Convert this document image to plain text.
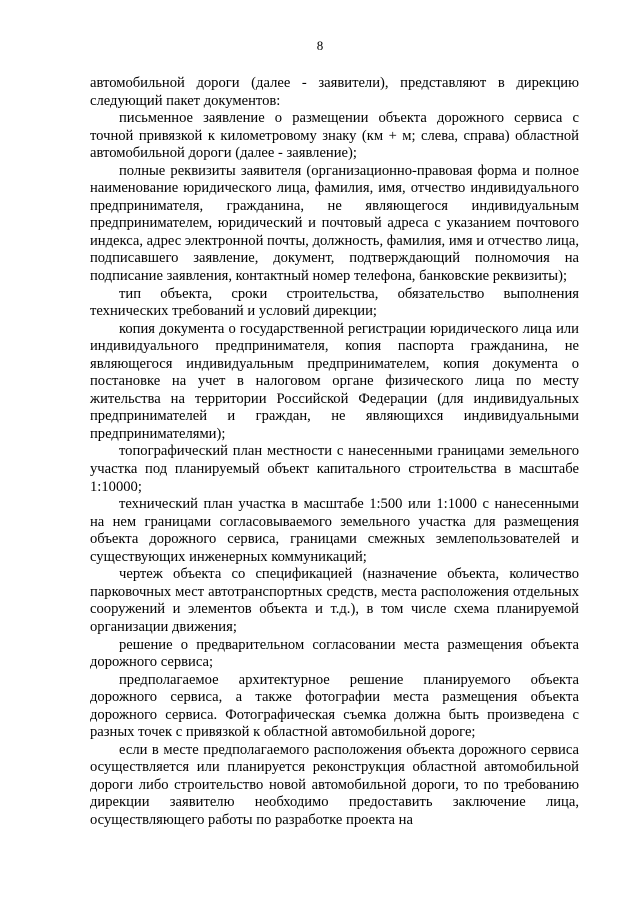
8

автомобильной дороги (далее - заявители), представляют в дирекцию следующий пакет документов:

письменное заявление о размещении объекта дорожного сервиса с точной привязкой к километровому знаку (км + м; слева, справа) областной автомобильной дороги (далее - заявление);

полные реквизиты заявителя (организационно-правовая форма и полное наименование юридического лица, фамилия, имя, отчество индивидуального предпринимателя, гражданина, не являющегося индивидуальным предпринимателем, юридический и почтовый адреса с указанием почтового индекса, адрес электронной почты, должность, фамилия, имя и отчество лица, подписавшего заявление, документ, подтверждающий полномочия на подписание заявления, контактный номер телефона, банковские реквизиты);

тип объекта, сроки строительства, обязательство выполнения технических требований и условий дирекции;

копия документа о государственной регистрации юридического лица или индивидуального предпринимателя, копия паспорта гражданина, не являющегося индивидуальным предпринимателем, копия документа о постановке на учет в налоговом органе физического лица по месту жительства на территории Российской Федерации (для индивидуальных предпринимателей и граждан, не являющихся индивидуальными предпринимателями);

топографический план местности с нанесенными границами земельного участка под планируемый объект капитального строительства в масштабе 1:10000;

технический план участка в масштабе 1:500 или 1:1000 с нанесенными на нем границами согласовываемого земельного участка для размещения объекта дорожного сервиса, границами смежных землепользователей и существующих инженерных коммуникаций;

чертеж объекта со спецификацией (назначение объекта, количество парковочных мест автотранспортных средств, места расположения отдельных сооружений и элементов объекта и т.д.), в том числе схема планируемой организации движения;

решение о предварительном согласовании места размещения объекта дорожного сервиса;

предполагаемое архитектурное решение планируемого объекта дорожного сервиса, а также фотографии места размещения объекта дорожного сервиса. Фотографическая съемка должна быть произведена с разных точек с привязкой к областной автомобильной дороге;

если в месте предполагаемого расположения объекта дорожного сервиса осуществляется или планируется реконструкция областной автомобильной дороги либо строительство новой автомобильной дороги, то по требованию дирекции заявителю необходимо предоставить заключение лица, осуществляющего работы по разработке проекта на
